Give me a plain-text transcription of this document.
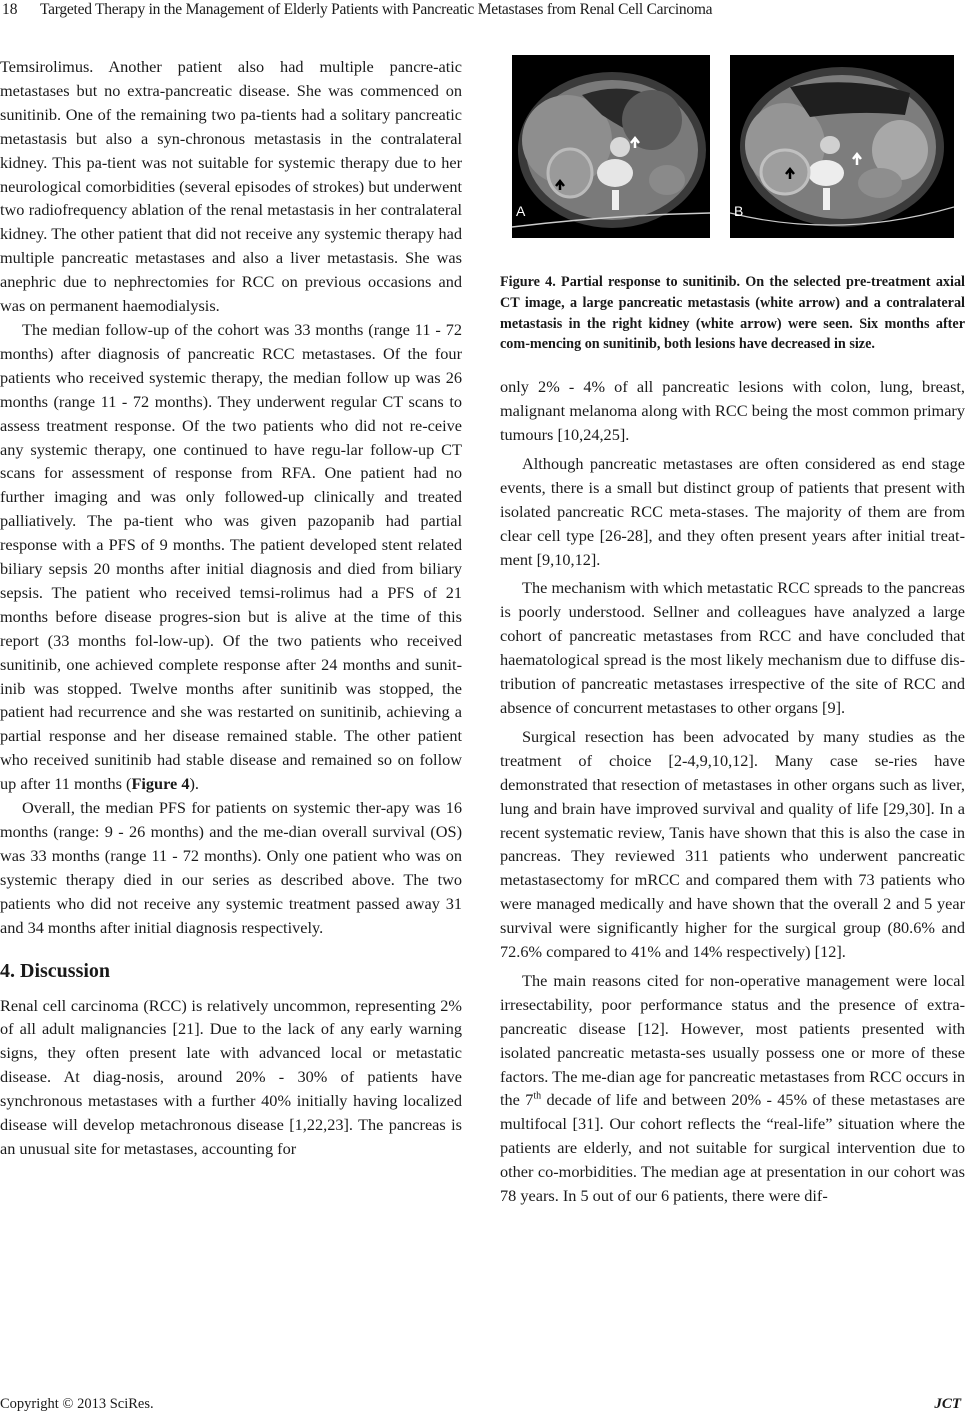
18 Targeted Therapy in the Management of Elderly Patients with Pancreatic Metastases from Renal Cell Carcinoma

Temsirolimus. Another patient also had multiple pancre-atic metastases but no extra-pancreatic disease. She was commenced on sunitinib. One of the remaining two pa-tients had a solitary pancreatic metastasis but also a syn-chronous metastasis in the contralateral kidney. This pa-tient was not suitable for systemic therapy due to her neurological comorbidities (several episodes of strokes) but underwent two radiofrequency ablation of the renal metastasis in her contralateral kidney. The other patient that did not receive any systemic therapy had multiple pancreatic metastases and also a liver metastasis. She was anephric due to nephrectomies for RCC on previous occasions and was on permanent haemodialysis.

The median follow-up of the cohort was 33 months (range 11 - 72 months) after diagnosis of pancreatic RCC metastases. Of the four patients who received systemic therapy, the median follow up was 26 months (range 11 - 72 months). They underwent regular CT scans to assess treatment response. Of the two patients who did not re-ceive any systemic therapy, one continued to have regu-lar follow-up CT scans for assessment of response from RFA. One patient had no further imaging and was only followed-up clinically and treated palliatively. The pa-tient who was given pazopanib had partial response with a PFS of 9 months. The patient developed stent related biliary sepsis 20 months after initial diagnosis and died from biliary sepsis. The patient who received temsi-rolimus had a PFS of 21 months before disease progres-sion but is alive at the time of this report (33 months fol-low-up). Of the two patients who received sunitinib, one achieved complete response after 24 months and sunit-inib was stopped. Twelve months after sunitinib was stopped, the patient had recurrence and she was restarted on sunitinib, achieving a partial response and her disease remained stable. The other patient who received sunitinib had stable disease and remained so on follow up after 11 months (Figure 4).

Overall, the median PFS for patients on systemic ther-apy was 16 months (range: 9 - 26 months) and the me-dian overall survival (OS) was 33 months (range 11 - 72 months). Only one patient who was on systemic therapy died in our series as described above. The two patients who did not receive any systemic treatment passed away 31 and 34 months after initial diagnosis respectively.

4. Discussion

Renal cell carcinoma (RCC) is relatively uncommon, representing 2% of all adult malignancies [21]. Due to the lack of any early warning signs, they often present late with advanced local or metastatic disease. At diag-nosis, around 20% - 30% of patients have synchronous metastases with a further 40% initially having localized disease will develop metachronous disease [1,22,23]. The pancreas is an unusual site for metastases, accounting for

A	B
Figure 4. Partial response to sunitinib. On the selected pre-treatment axial CT image, a large pancreatic metastasis (white arrow) and a contralateral metastasis in the right kidney (white arrow) were seen. Six months after com-mencing on sunitinib, both lesions have decreased in size.

only 2% - 4% of all pancreatic lesions with colon, lung, breast, malignant melanoma along with RCC being the most common primary tumours [10,24,25].

Although pancreatic metastases are often considered as end stage events, there is a small but distinct group of patients that present with isolated pancreatic RCC meta-stases. The majority of them are from clear cell type [26-28], and they often present years after initial treat-ment [9,10,12].

The mechanism with which metastatic RCC spreads to the pancreas is poorly understood. Sellner and colleagues have analyzed a large cohort of pancreatic metastases from RCC and have concluded that haematological spread is the most likely mechanism due to diffuse dis-tribution of pancreatic metastases irrespective of the site of RCC and absence of concurrent metastases to other organs [9].

Surgical resection has been advocated by many studies as the treatment of choice [2-4,9,10,12]. Many case se-ries have demonstrated that resection of metastases in other organs such as liver, lung and brain have improved survival and quality of life [29,30]. In a recent systematic review, Tanis have shown that this is also the case in pancreas. They reviewed 311 patients who underwent pancreatic metastasectomy for mRCC and compared them with 73 patients who were managed medically and have shown that the overall 2 and 5 year survival were significantly higher for the surgical group (80.6% and 72.6% compared to 41% and 14% respectively) [12].

The main reasons cited for non-operative management were local irresectability, poor performance status and the presence of extra-pancreatic disease [12]. However, most patients presented with isolated pancreatic metasta-ses usually possess one or more of these factors. The me-dian age for pancreatic metastases from RCC occurs in the 7th decade of life and between 20% - 45% of these metastases are multifocal [31]. Our cohort reflects the “real-life” situation where the patients are elderly, and not suitable for surgical intervention due to other co-morbidities. The median age at presentation in our cohort was 78 years. In 5 out of our 6 patients, there were dif-

Copyright © 2013 SciRes.	JCT
